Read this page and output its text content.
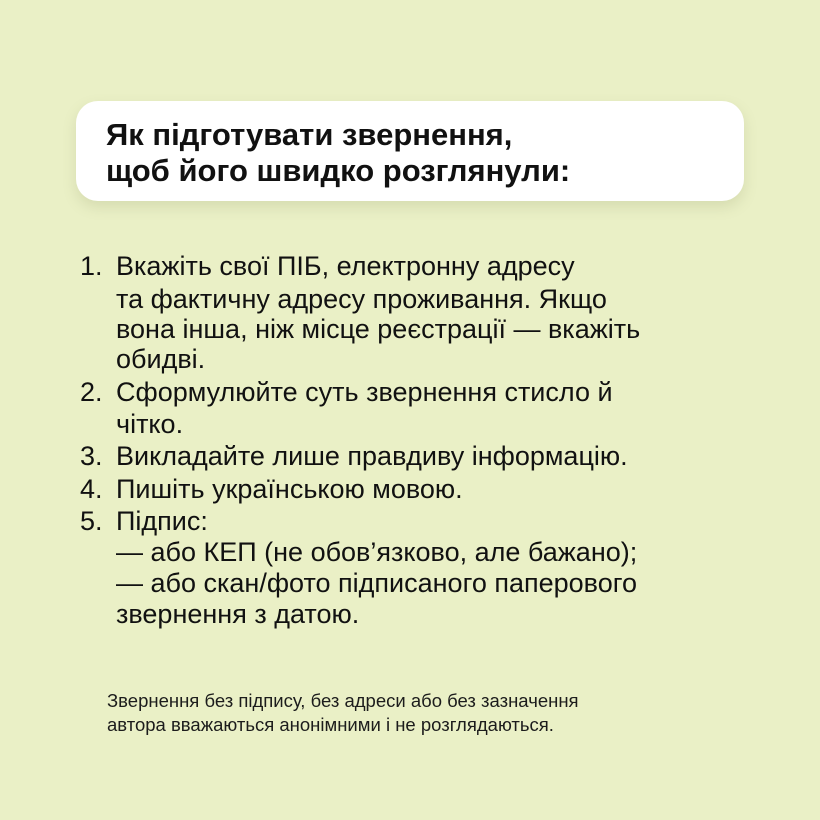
Як підготувати звернення,
щоб його швидко розглянули:
1. Вкажіть свої ПІБ, електронну адресу
та фактичну адресу проживання. Якщо
вона інша, ніж місце реєстрації — вкажіть
обидві.
2. Сформулюйте суть звернення стисло й
чітко.
3. Викладайте лише правдиву інформацію.
4. Пишіть українською мовою.
5. Підпис:
— або КЕП (не обов’язково, але бажано);
— або скан/фото підписаного паперового
звернення з датою.
Звернення без підпису, без адреси або без зазначення
автора вважаються анонімними і не розглядаються.
